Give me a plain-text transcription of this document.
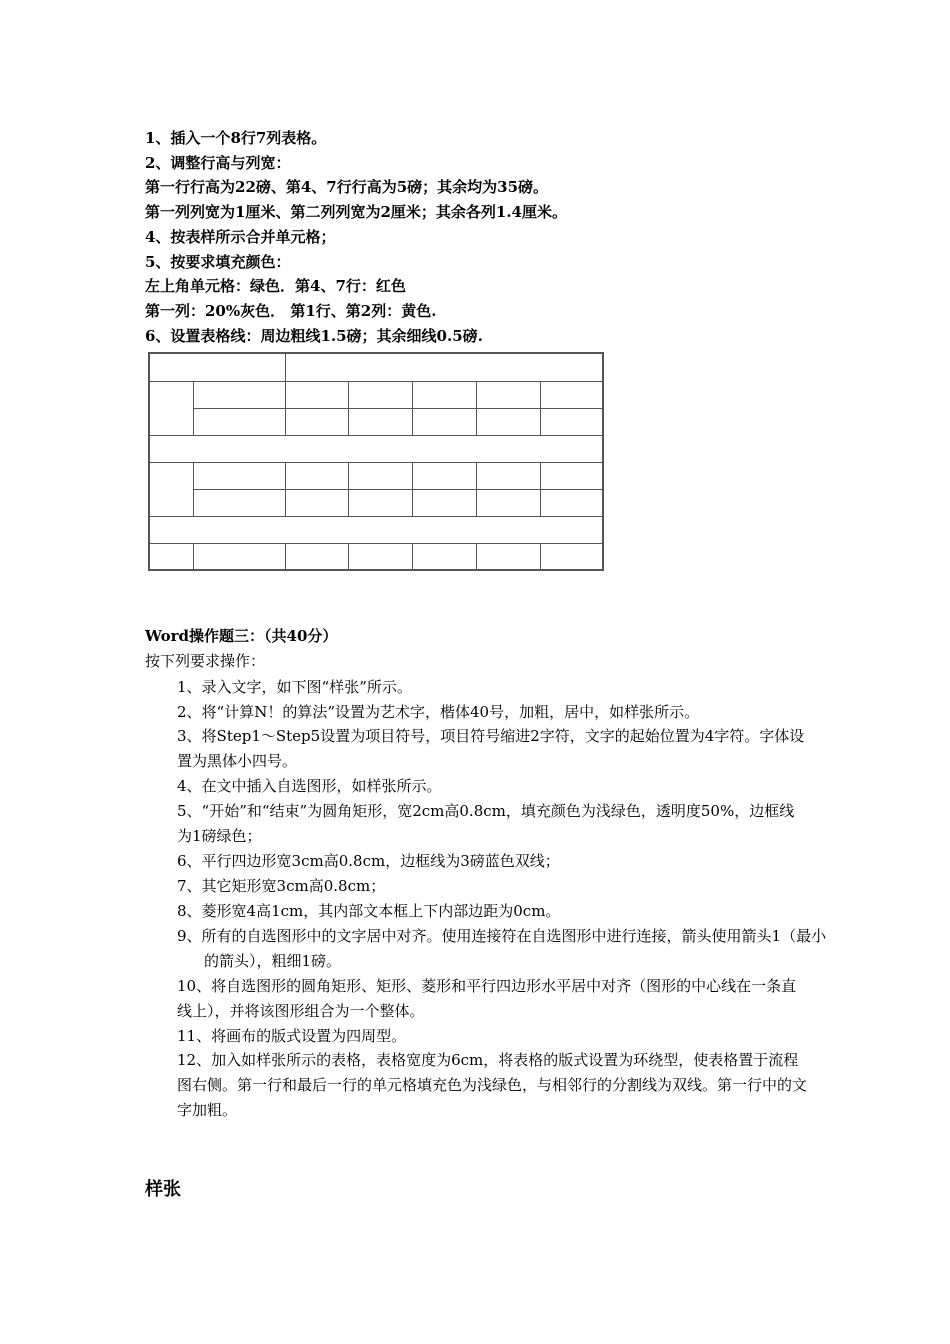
1、插入一个8行7列表格。
2、调整行高与列宽：
第一行行高为22磅、第4、7行行高为5磅；其余均为35磅。
第一列列宽为1厘米、第二列列宽为2厘米；其余各列1.4厘米。
4、按表样所示合并单元格；
5、按要求填充颜色：
左上角单元格：绿色．第4、7行：红色
第一列：20%灰色． 第1行、第2列：黄色.
6、设置表格线：周边粗线1.5磅；其余细线0.5磅.

Word操作题三：（共40分）
按下列要求操作：
1、录入文字，如下图“样张”所示。
2、将“计算N！的算法”设置为艺术字，楷体40号，加粗，居中，如样张所示。
3、将Step1～Step5设置为项目符号，项目符号缩进2字符，文字的起始位置为4字符。字体设置为黑体小四号。
4、在文中插入自选图形，如样张所示。
5、“开始”和“结束”为圆角矩形，宽2cm高0.8cm，填充颜色为浅绿色，透明度50%，边框线为1磅绿色；
6、平行四边形宽3cm高0.8cm，边框线为3磅蓝色双线；
7、其它矩形宽3cm高0.8cm；
8、菱形宽4高1cm，其内部文本框上下内部边距为0cm。
9、所有的自选图形中的文字居中对齐。使用连接符在自选图形中进行连接，箭头使用箭头1（最小的箭头），粗细1磅。
10、将自选图形的圆角矩形、矩形、菱形和平行四边形水平居中对齐（图形的中心线在一条直线上），并将该图形组合为一个整体。
11、将画布的版式设置为四周型。
12、加入如样张所示的表格，表格宽度为6cm，将表格的版式设置为环绕型，使表格置于流程图右侧。第一行和最后一行的单元格填充色为浅绿色，与相邻行的分割线为双线。第一行中的文字加粗。
样张
